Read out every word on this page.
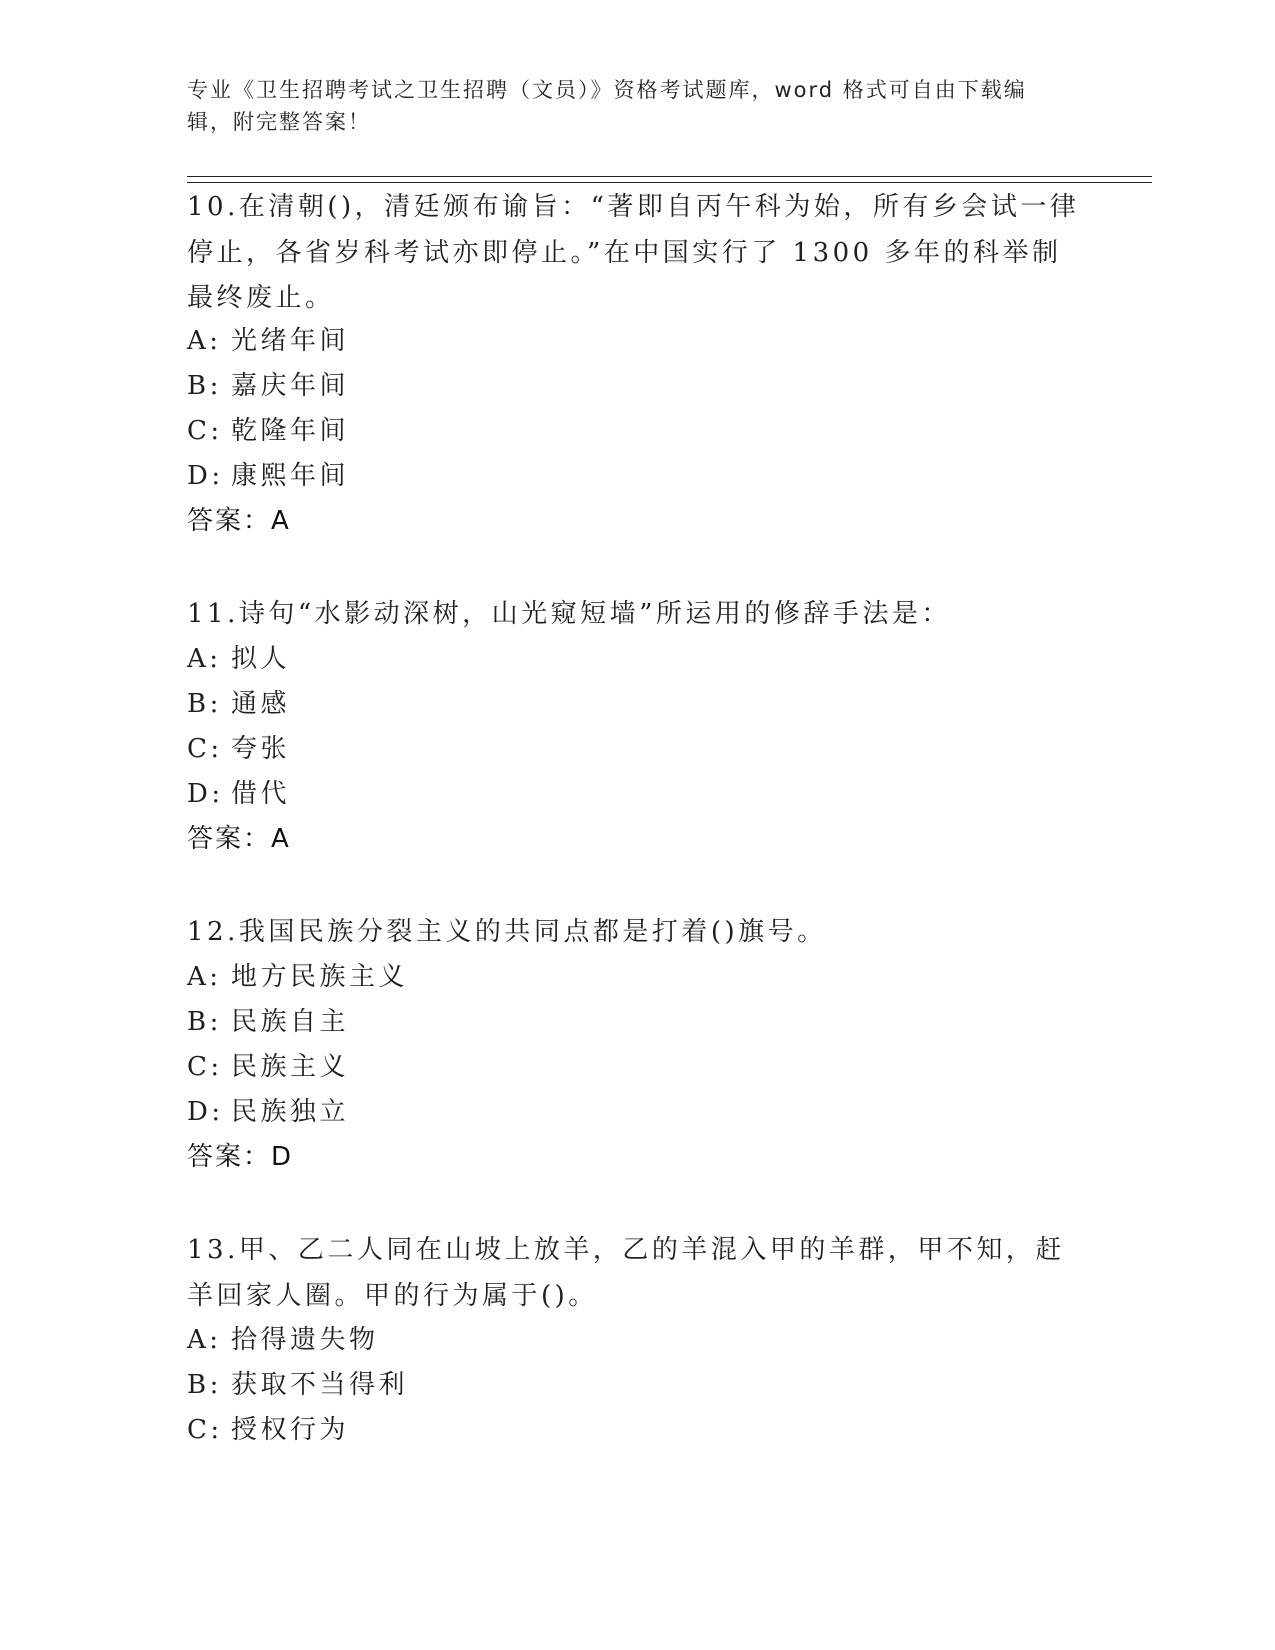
专业《卫生招聘考试之卫生招聘（文员）》资格考试题库，word 格式可自由下载编辑，附完整答案！
10.在清朝()，清廷颁布谕旨：“著即自丙午科为始，所有乡会试一律停止，各省岁科考试亦即停止。”在中国实行了 1300 多年的科举制最终废止。
A: 光绪年间
B: 嘉庆年间
C: 乾隆年间
D: 康熙年间
答案：A
11.诗句“水影动深树，山光窥短墙”所运用的修辞手法是：
A: 拟人
B: 通感
C: 夸张
D: 借代
答案：A
12.我国民族分裂主义的共同点都是打着()旗号。
A: 地方民族主义
B: 民族自主
C: 民族主义
D: 民族独立
答案：D
13.甲、乙二人同在山坡上放羊，乙的羊混入甲的羊群，甲不知，赶羊回家人圈。甲的行为属于()。
A: 拾得遗失物
B: 获取不当得利
C: 授权行为
